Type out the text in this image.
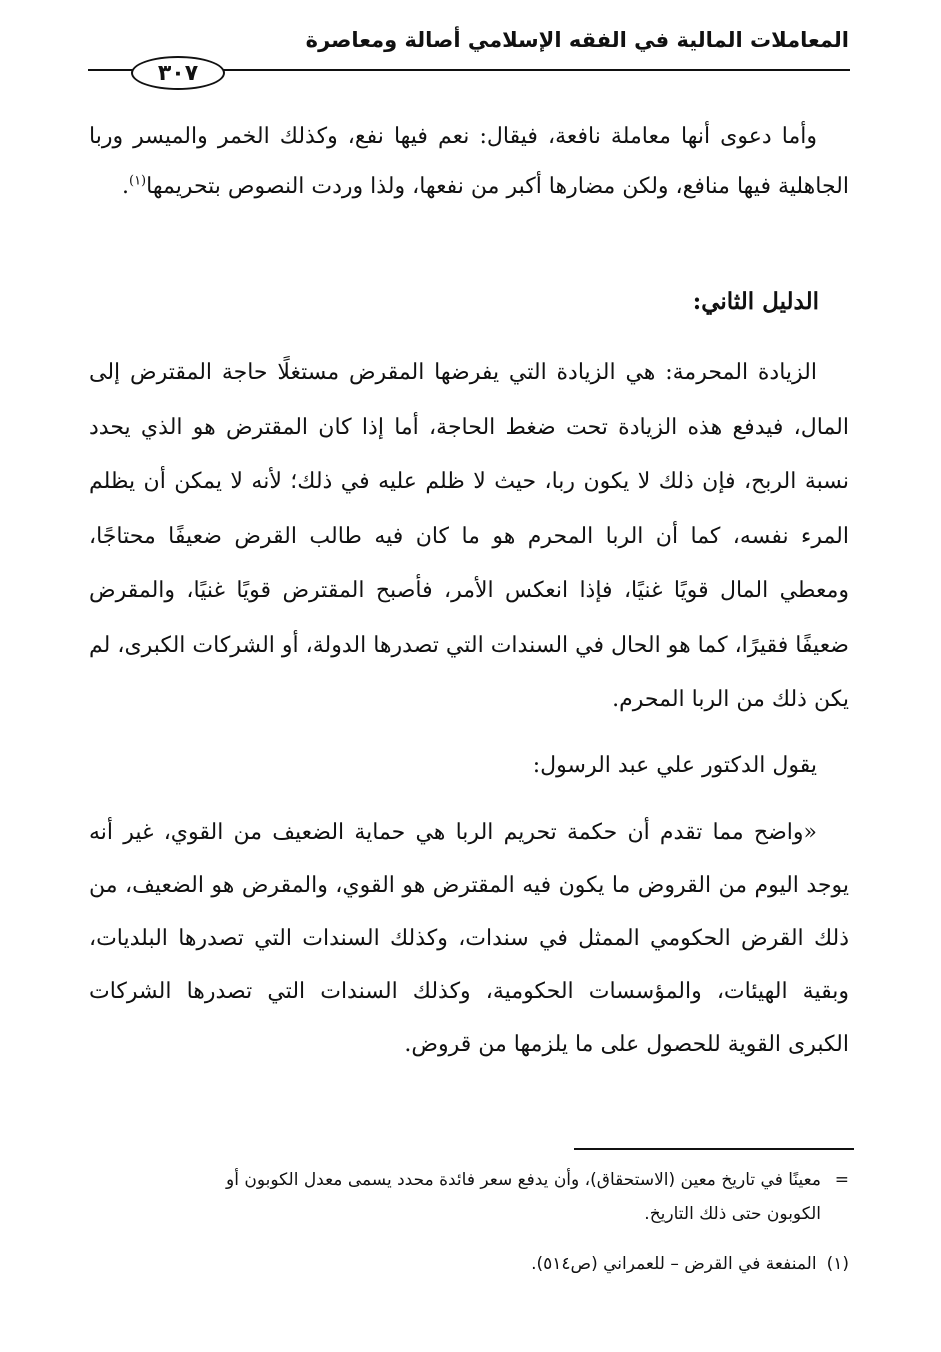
المعاملات المالية في الفقه الإسلامي أصالة ومعاصرة
٣٠٧
وأما دعوى أنها معاملة نافعة، فيقال: نعم فيها نفع، وكذلك الخمر والميسر وربا الجاهلية فيها منافع، ولكن مضارها أكبر من نفعها، ولذا وردت النصوص بتحريمها$^{(١)}$.
الدليل الثاني:
الزيادة المحرمة: هي الزيادة التي يفرضها المقرض مستغلًا حاجة المقترض إلى المال، فيدفع هذه الزيادة تحت ضغط الحاجة، أما إذا كان المقترض هو الذي يحدد نسبة الربح، فإن ذلك لا يكون ربا، حيث لا ظلم عليه في ذلك؛ لأنه لا يمكن أن يظلم المرء نفسه، كما أن الربا المحرم هو ما كان فيه طالب القرض ضعيفًا محتاجًا، ومعطي المال قويًا غنيًا، فإذا انعكس الأمر، فأصبح المقترض قويًا غنيًا، والمقرض ضعيفًا فقيرًا، كما هو الحال في السندات التي تصدرها الدولة، أو الشركات الكبرى، لم يكن ذلك من الربا المحرم.
يقول الدكتور علي عبد الرسول:
«واضح مما تقدم أن حكمة تحريم الربا هي حماية الضعيف من القوي، غير أنه يوجد اليوم من القروض ما يكون فيه المقترض هو القوي، والمقرض هو الضعيف، من ذلك القرض الحكومي الممثل في سندات، وكذلك السندات التي تصدرها البلديات، وبقية الهيئات، والمؤسسات الحكومية، وكذلك السندات التي تصدرها الشركات الكبرى القوية للحصول على ما يلزمها من قروض.
=معينًا في تاريخ معين (الاستحقاق)، وأن يدفع سعر فائدة محدد يسمى معدل الكوبون أو
الكوبون حتى ذلك التاريخ.
(١)المنفعة في القرض – للعمراني (ص٥١٤).
